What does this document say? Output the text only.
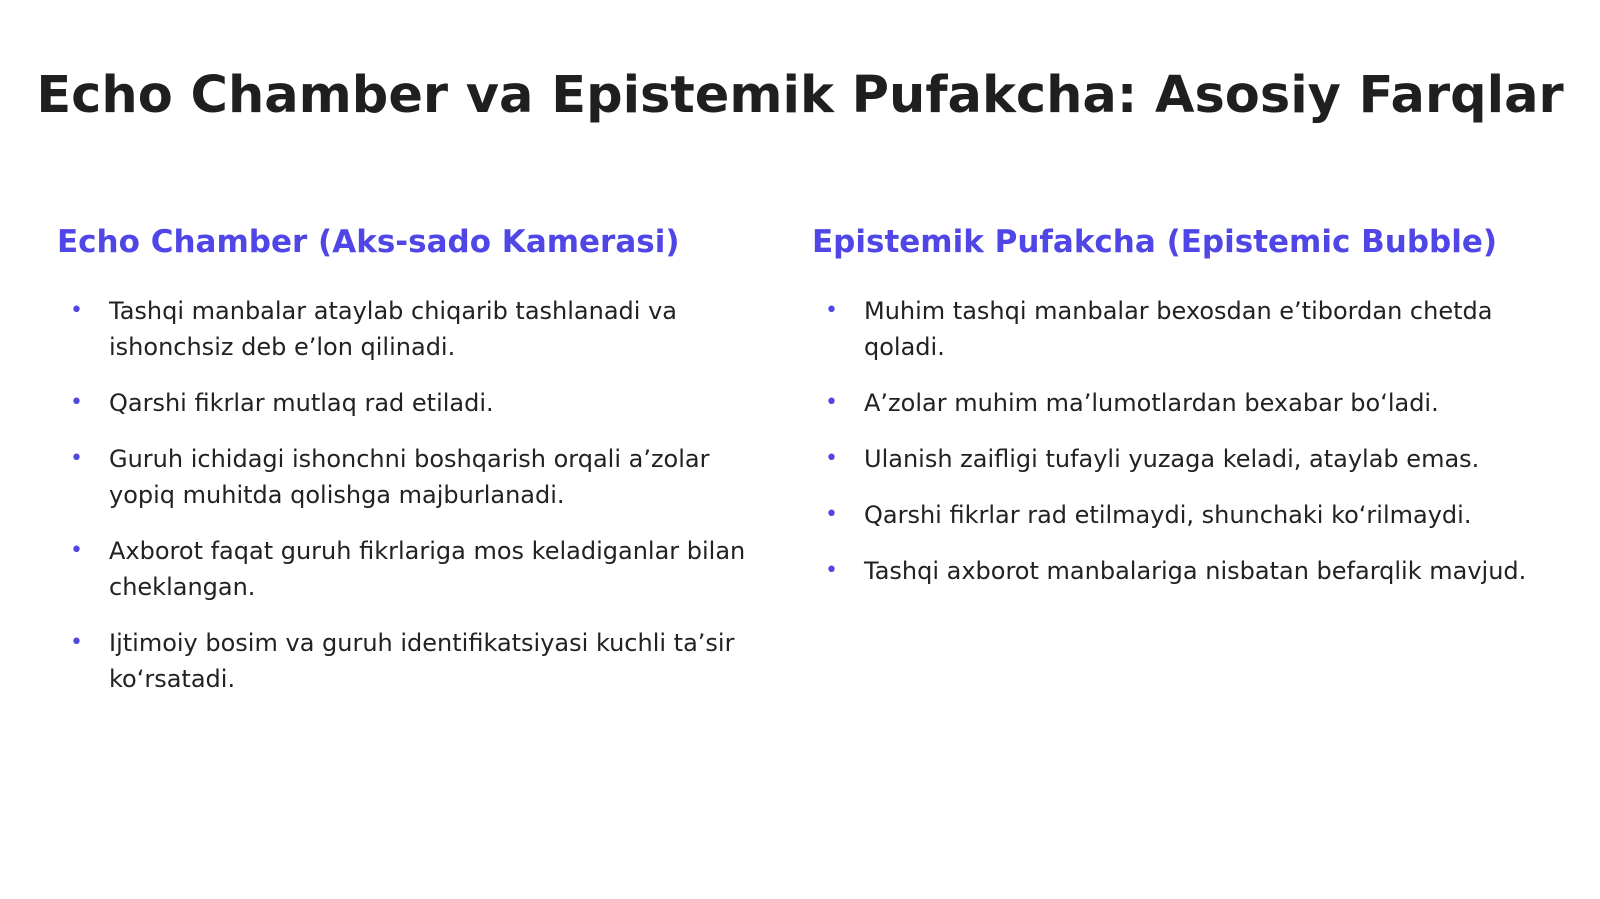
Echo Chamber va Epistemik Pufakcha: Asosiy Farqlar
Echo Chamber (Aks-sado Kamerasi)
• Tashqi manbalar ataylab chiqarib tashlanadi va ishonchsiz deb e’lon qilinadi.
• Qarshi fikrlar mutlaq rad etiladi.
• Guruh ichidagi ishonchni boshqarish orqali a’zolar yopiq muhitda qolishga majburlanadi.
• Axborot faqat guruh fikrlariga mos keladiganlar bilan cheklangan.
• Ijtimoiy bosim va guruh identifikatsiyasi kuchli ta’sir ko‘rsatadi.
Epistemik Pufakcha (Epistemic Bubble)
• Muhim tashqi manbalar bexosdan e’tibordan chetda qoladi.
• A’zolar muhim ma’lumotlardan bexabar bo‘ladi.
• Ulanish zaifligi tufayli yuzaga keladi, ataylab emas.
• Qarshi fikrlar rad etilmaydi, shunchaki ko‘rilmaydi.
• Tashqi axborot manbalariga nisbatan befarqlik mavjud.
